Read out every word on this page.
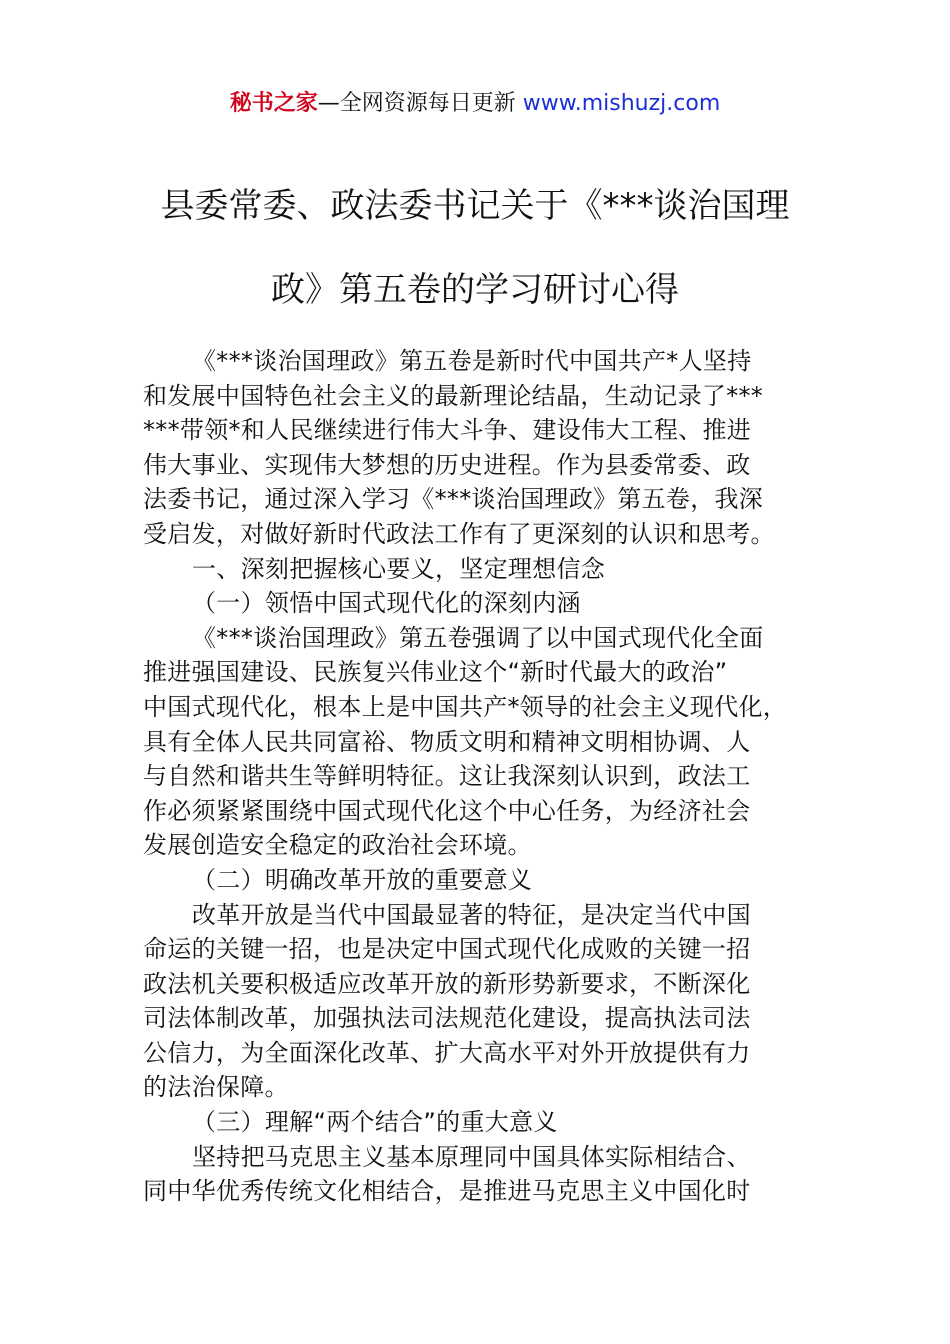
秘书之家—全网资源每日更新 www.mishuzj.com
县委常委、政法委书记关于《***谈治国理
政》第五卷的学习研讨心得
《***谈治国理政》第五卷是新时代中国共产*人坚持
和发展中国特色社会主义的最新理论结晶，生动记录了***
***带领*和人民继续进行伟大斗争、建设伟大工程、推进
伟大事业、实现伟大梦想的历史进程。作为县委常委、政
法委书记，通过深入学习《***谈治国理政》第五卷，我深
受启发，对做好新时代政法工作有了更深刻的认识和思考。
一、深刻把握核心要义，坚定理想信念
（一）领悟中国式现代化的深刻内涵
《***谈治国理政》第五卷强调了以中国式现代化全面
推进强国建设、民族复兴伟业这个“新时代最大的政治”
中国式现代化，根本上是中国共产*领导的社会主义现代化，
具有全体人民共同富裕、物质文明和精神文明相协调、人
与自然和谐共生等鲜明特征。这让我深刻认识到，政法工
作必须紧紧围绕中国式现代化这个中心任务，为经济社会
发展创造安全稳定的政治社会环境。
（二）明确改革开放的重要意义
改革开放是当代中国最显著的特征，是决定当代中国
命运的关键一招，也是决定中国式现代化成败的关键一招
政法机关要积极适应改革开放的新形势新要求，不断深化
司法体制改革，加强执法司法规范化建设，提高执法司法
公信力，为全面深化改革、扩大高水平对外开放提供有力
的法治保障。
（三）理解“两个结合”的重大意义
坚持把马克思主义基本原理同中国具体实际相结合、
同中华优秀传统文化相结合，是推进马克思主义中国化时
